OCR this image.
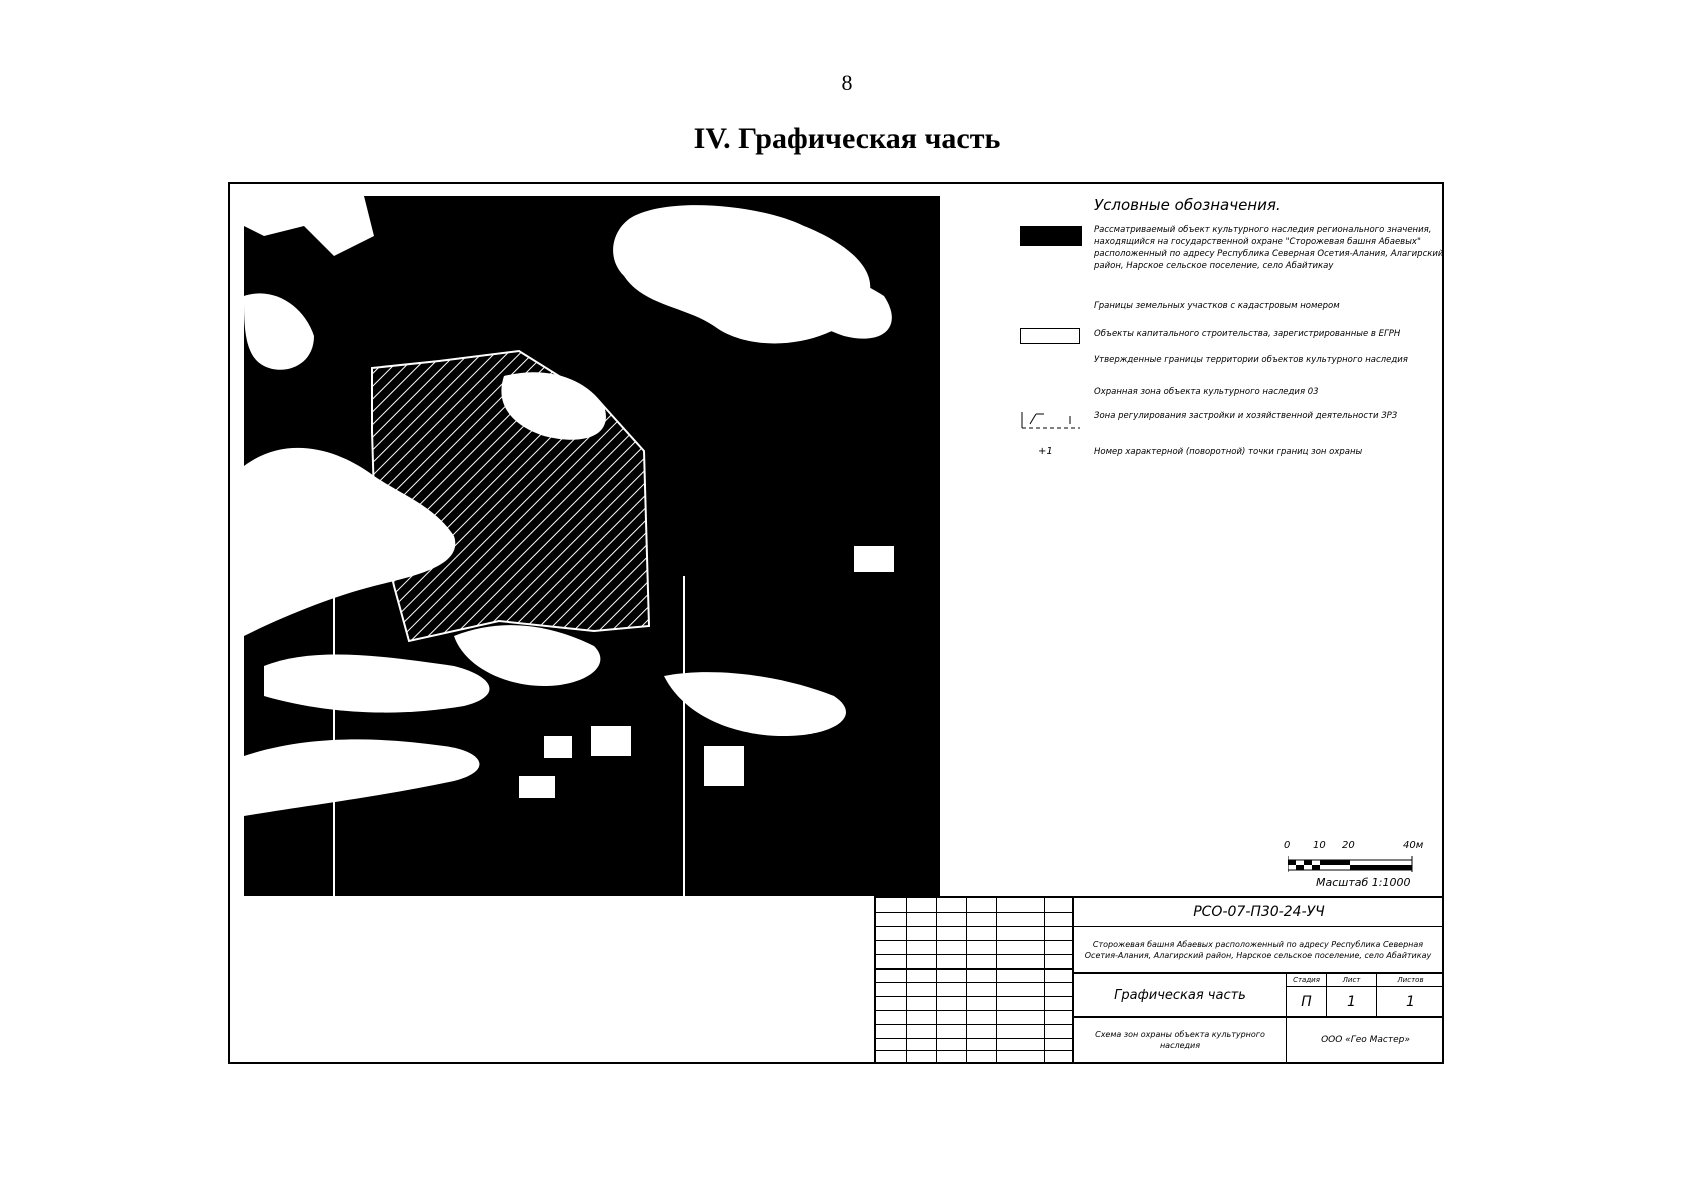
8
IV. Графическая часть
Условные обозначения.
Рассматриваемый объект культурного наследия регионального значения, находящийся на государственной охране "Сторожевая башня Абаевых" расположенный по адресу Республика Северная Осетия-Алания, Алагирский район, Нарское сельское поселение, село Абайтикау
Границы земельных участков с кадастровым номером
Объекты капитального строительства, зарегистрированные в ЕГРН
Утвержденные границы территории объектов культурного наследия
Охранная зона объекта культурного наследия 03
Зона регулирования застройки и хозяйственной деятельности ЗРЗ
+1	Номер характерной (поворотной) точки границ зон охраны
0 10 20	40м
Масштаб 1:1000
РСО-07-П30-24-УЧ
Сторожевая башня Абаевых расположенный по адресу Республика Северная Осетия-Алания, Алагирский район, Нарское сельское поселение, село Абайтикау
Графическая часть
Стадия	Лист	Листов
П	1	1
Схема зон охраны объекта культурного наследия
ООО «Гео Мастер»
